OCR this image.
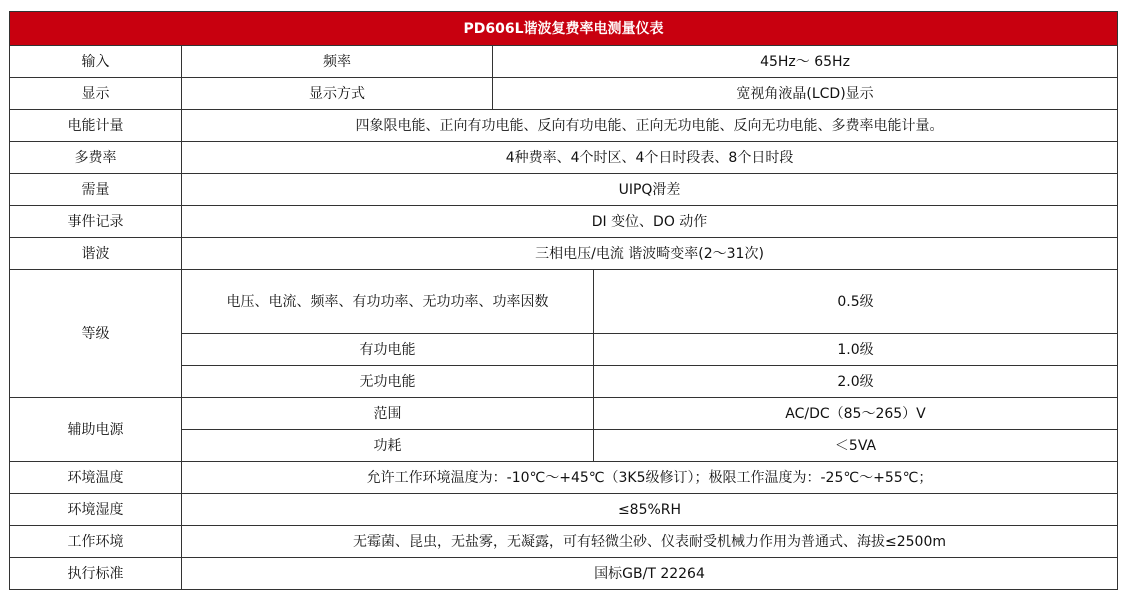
PD606L谐波复费率电测量仪表			
输入	频率	45Hz～ 65Hz	
显示	显示方式	宽视角液晶(LCD)显示	
电能计量	四象限电能、正向有功电能、反向有功电能、正向无功电能、反向无功电能、多费率电能计量。		
多费率	4种费率、4个时区、4个日时段表、8个日时段		
需量	UIPQ滑差		
事件记录	DI 变位、DO 动作		
谐波	三相电压/电流 谐波畸变率(2～31次)		
等级	电压、电流、频率、有功功率、无功功率、功率因数		0.5级
	有功电能		1.0级
	无功电能		2.0级
辅助电源	范围		AC/DC（85～265）V
	功耗		＜5VA
环境温度	允许工作环境温度为：-10℃～+45℃（3K5级修订）；极限工作温度为：-25℃～+55℃；		
环境湿度	≤85%RH		
工作环境	无霉菌、昆虫，无盐雾，无凝露，可有轻微尘砂、仪表耐受机械力作用为普通式、海拔≤2500m		
执行标准	国标GB/T 22264		
